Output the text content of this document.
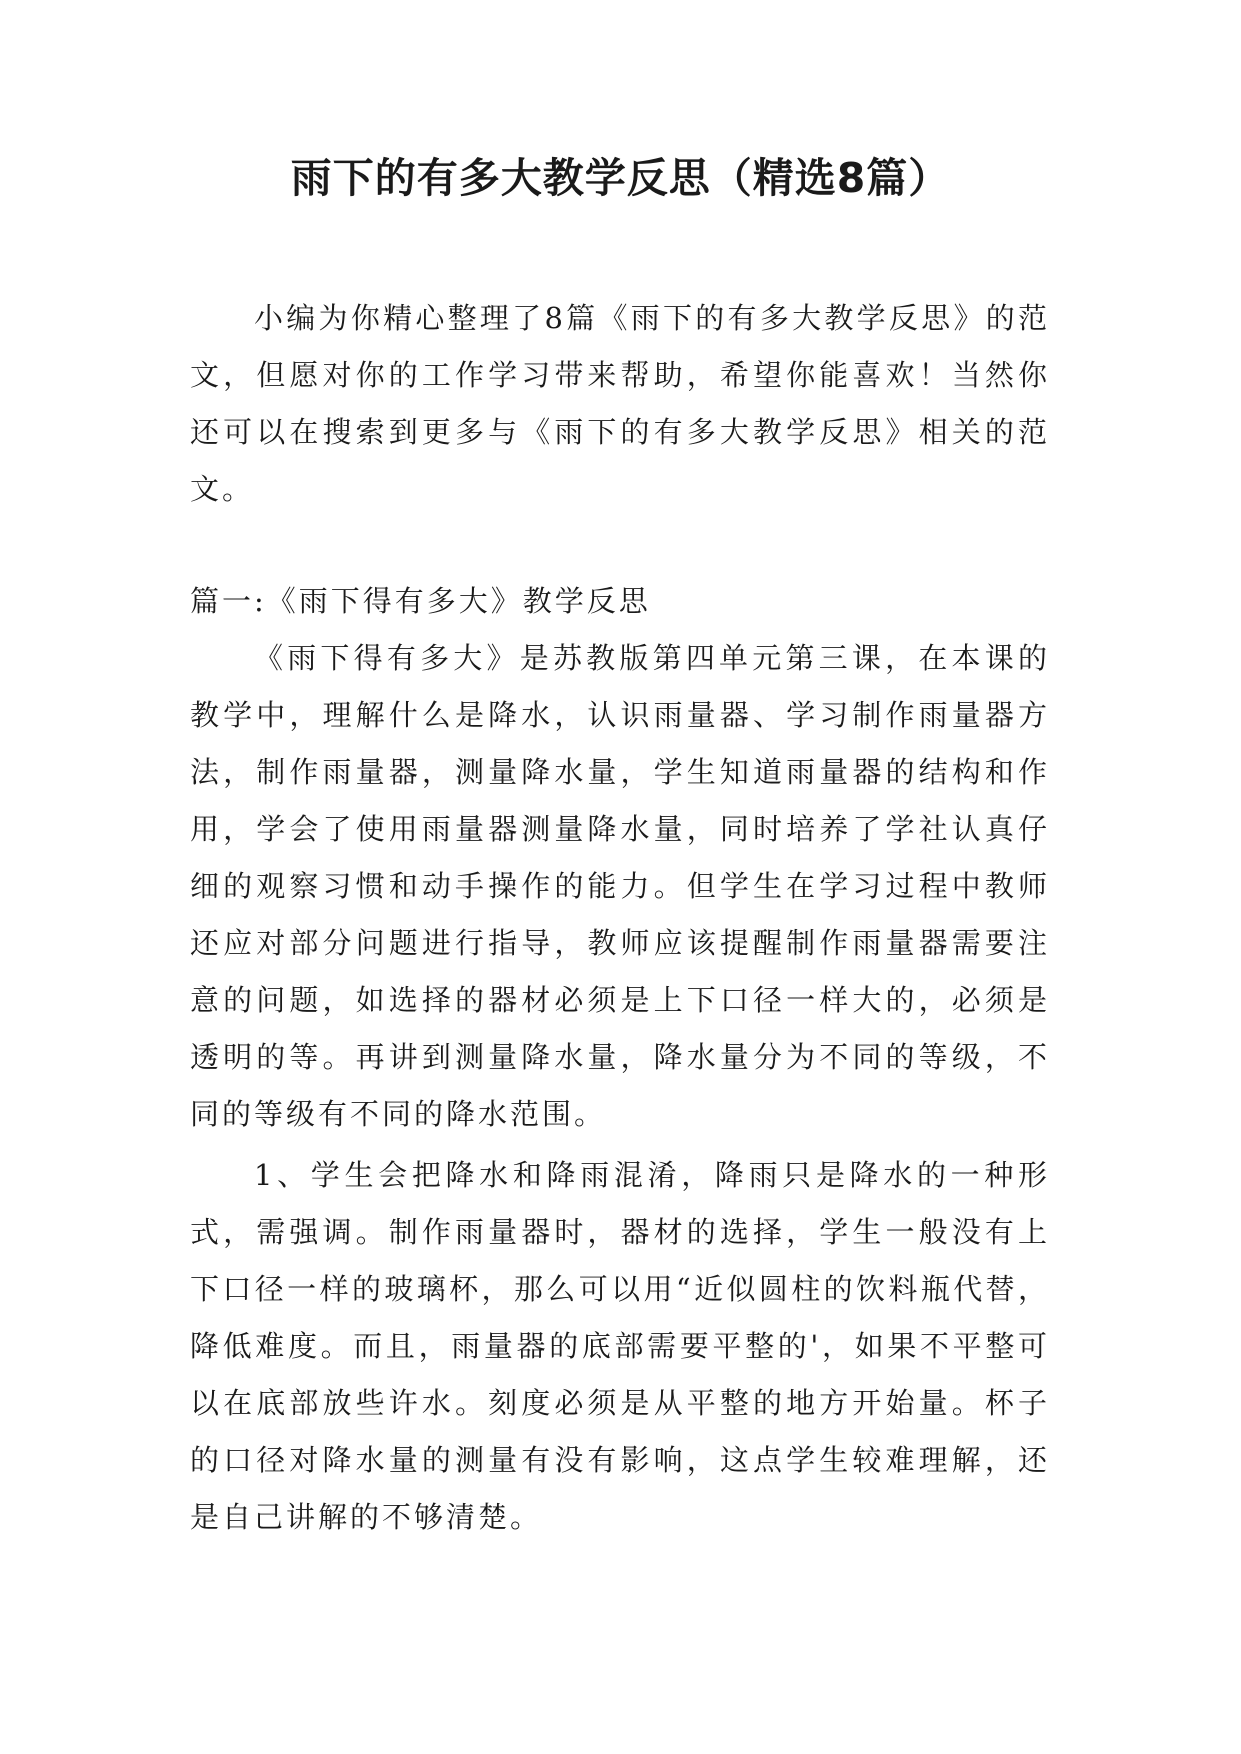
雨下的有多大教学反思（精选8篇）

小编为你精心整理了8篇《雨下的有多大教学反思》的范文，但愿对你的工作学习带来帮助，希望你能喜欢！当然你还可以在搜索到更多与《雨下的有多大教学反思》相关的范文。

篇一:《雨下得有多大》教学反思

《雨下得有多大》是苏教版第四单元第三课，在本课的教学中，理解什么是降水，认识雨量器、学习制作雨量器方法，制作雨量器，测量降水量，学生知道雨量器的结构和作用，学会了使用雨量器测量降水量，同时培养了学社认真仔细的观察习惯和动手操作的能力。但学生在学习过程中教师还应对部分问题进行指导，教师应该提醒制作雨量器需要注意的问题，如选择的器材必须是上下口径一样大的，必须是透明的等。再讲到测量降水量，降水量分为不同的等级，不同的等级有不同的降水范围。

1、学生会把降水和降雨混淆，降雨只是降水的一种形式，需强调。制作雨量器时，器材的选择，学生一般没有上下口径一样的玻璃杯，那么可以用“近似圆柱的饮料瓶代替，降低难度。而且，雨量器的底部需要平整的'，如果不平整可以在底部放些许水。刻度必须是从平整的地方开始量。杯子的口径对降水量的测量有没有影响，这点学生较难理解，还是自己讲解的不够清楚。
